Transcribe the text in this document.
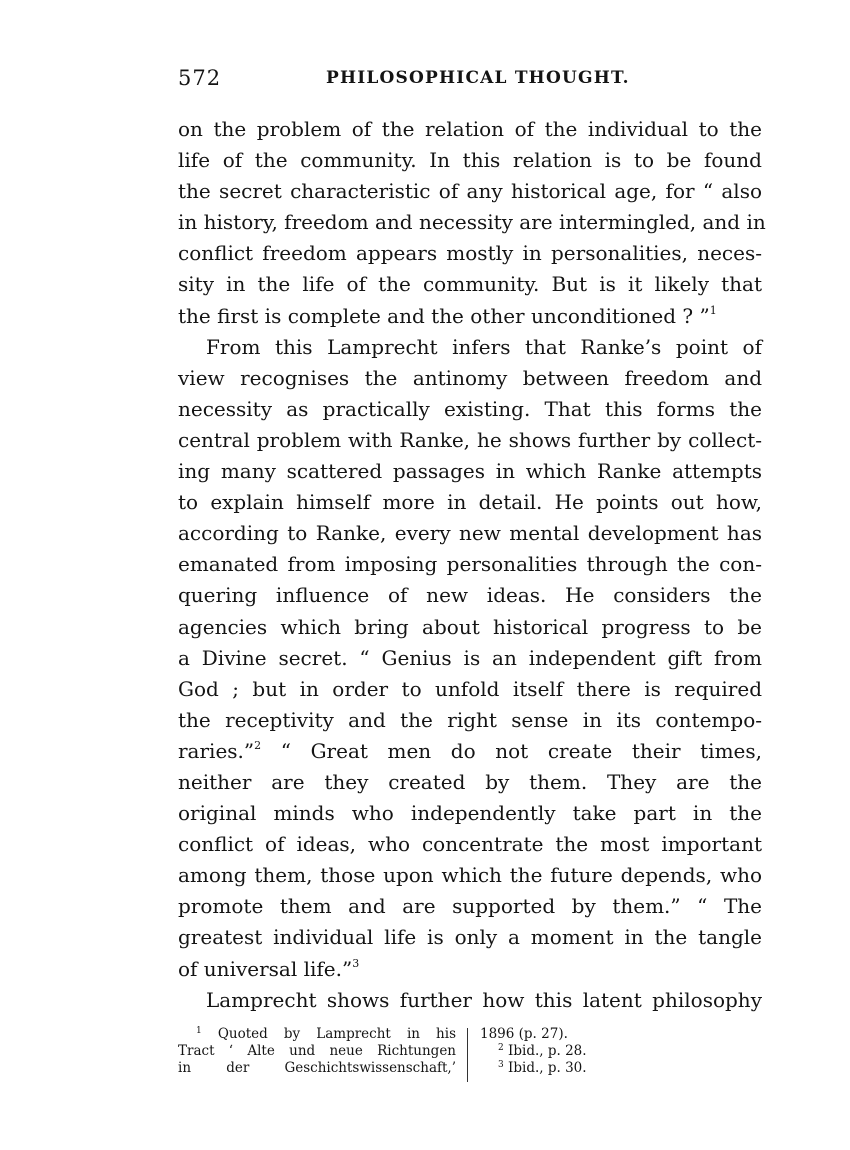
572	PHILOSOPHICAL THOUGHT.
on the problem of the relation of the individual to the
life of the community. In this relation is to be found
the secret characteristic of any historical age, for “ also
in history, freedom and necessity are intermingled, and in
conflict freedom appears mostly in personalities, neces-
sity in the life of the community. But is it likely that
the first is complete and the other unconditioned ? ”$^1$
From this Lamprecht infers that Ranke’s point of
view recognises the antinomy between freedom and
necessity as practically existing. That this forms the
central problem with Ranke, he shows further by collect-
ing many scattered passages in which Ranke attempts
to explain himself more in detail. He points out how,
according to Ranke, every new mental development has
emanated from imposing personalities through the con-
quering influence of new ideas. He considers the
agencies which bring about historical progress to be
a Divine secret. “ Genius is an independent gift from
God ; but in order to unfold itself there is required
the receptivity and the right sense in its contempo-
raries.”$^2$ “ Great men do not create their times,
neither are they created by them. They are the
original minds who independently take part in the
conflict of ideas, who concentrate the most important
among them, those upon which the future depends, who
promote them and are supported by them.” “ The
greatest individual life is only a moment in the tangle
of universal life.”$^3$
Lamprecht shows further how this latent philosophy
$^1$ Quoted by Lamprecht in his
Tract ‘ Alte und neue Richtungen
in der Geschichtswissenschaft,’
1896 (p. 27).
$^2$ Ibid., p. 28.
$^3$ Ibid., p. 30.
